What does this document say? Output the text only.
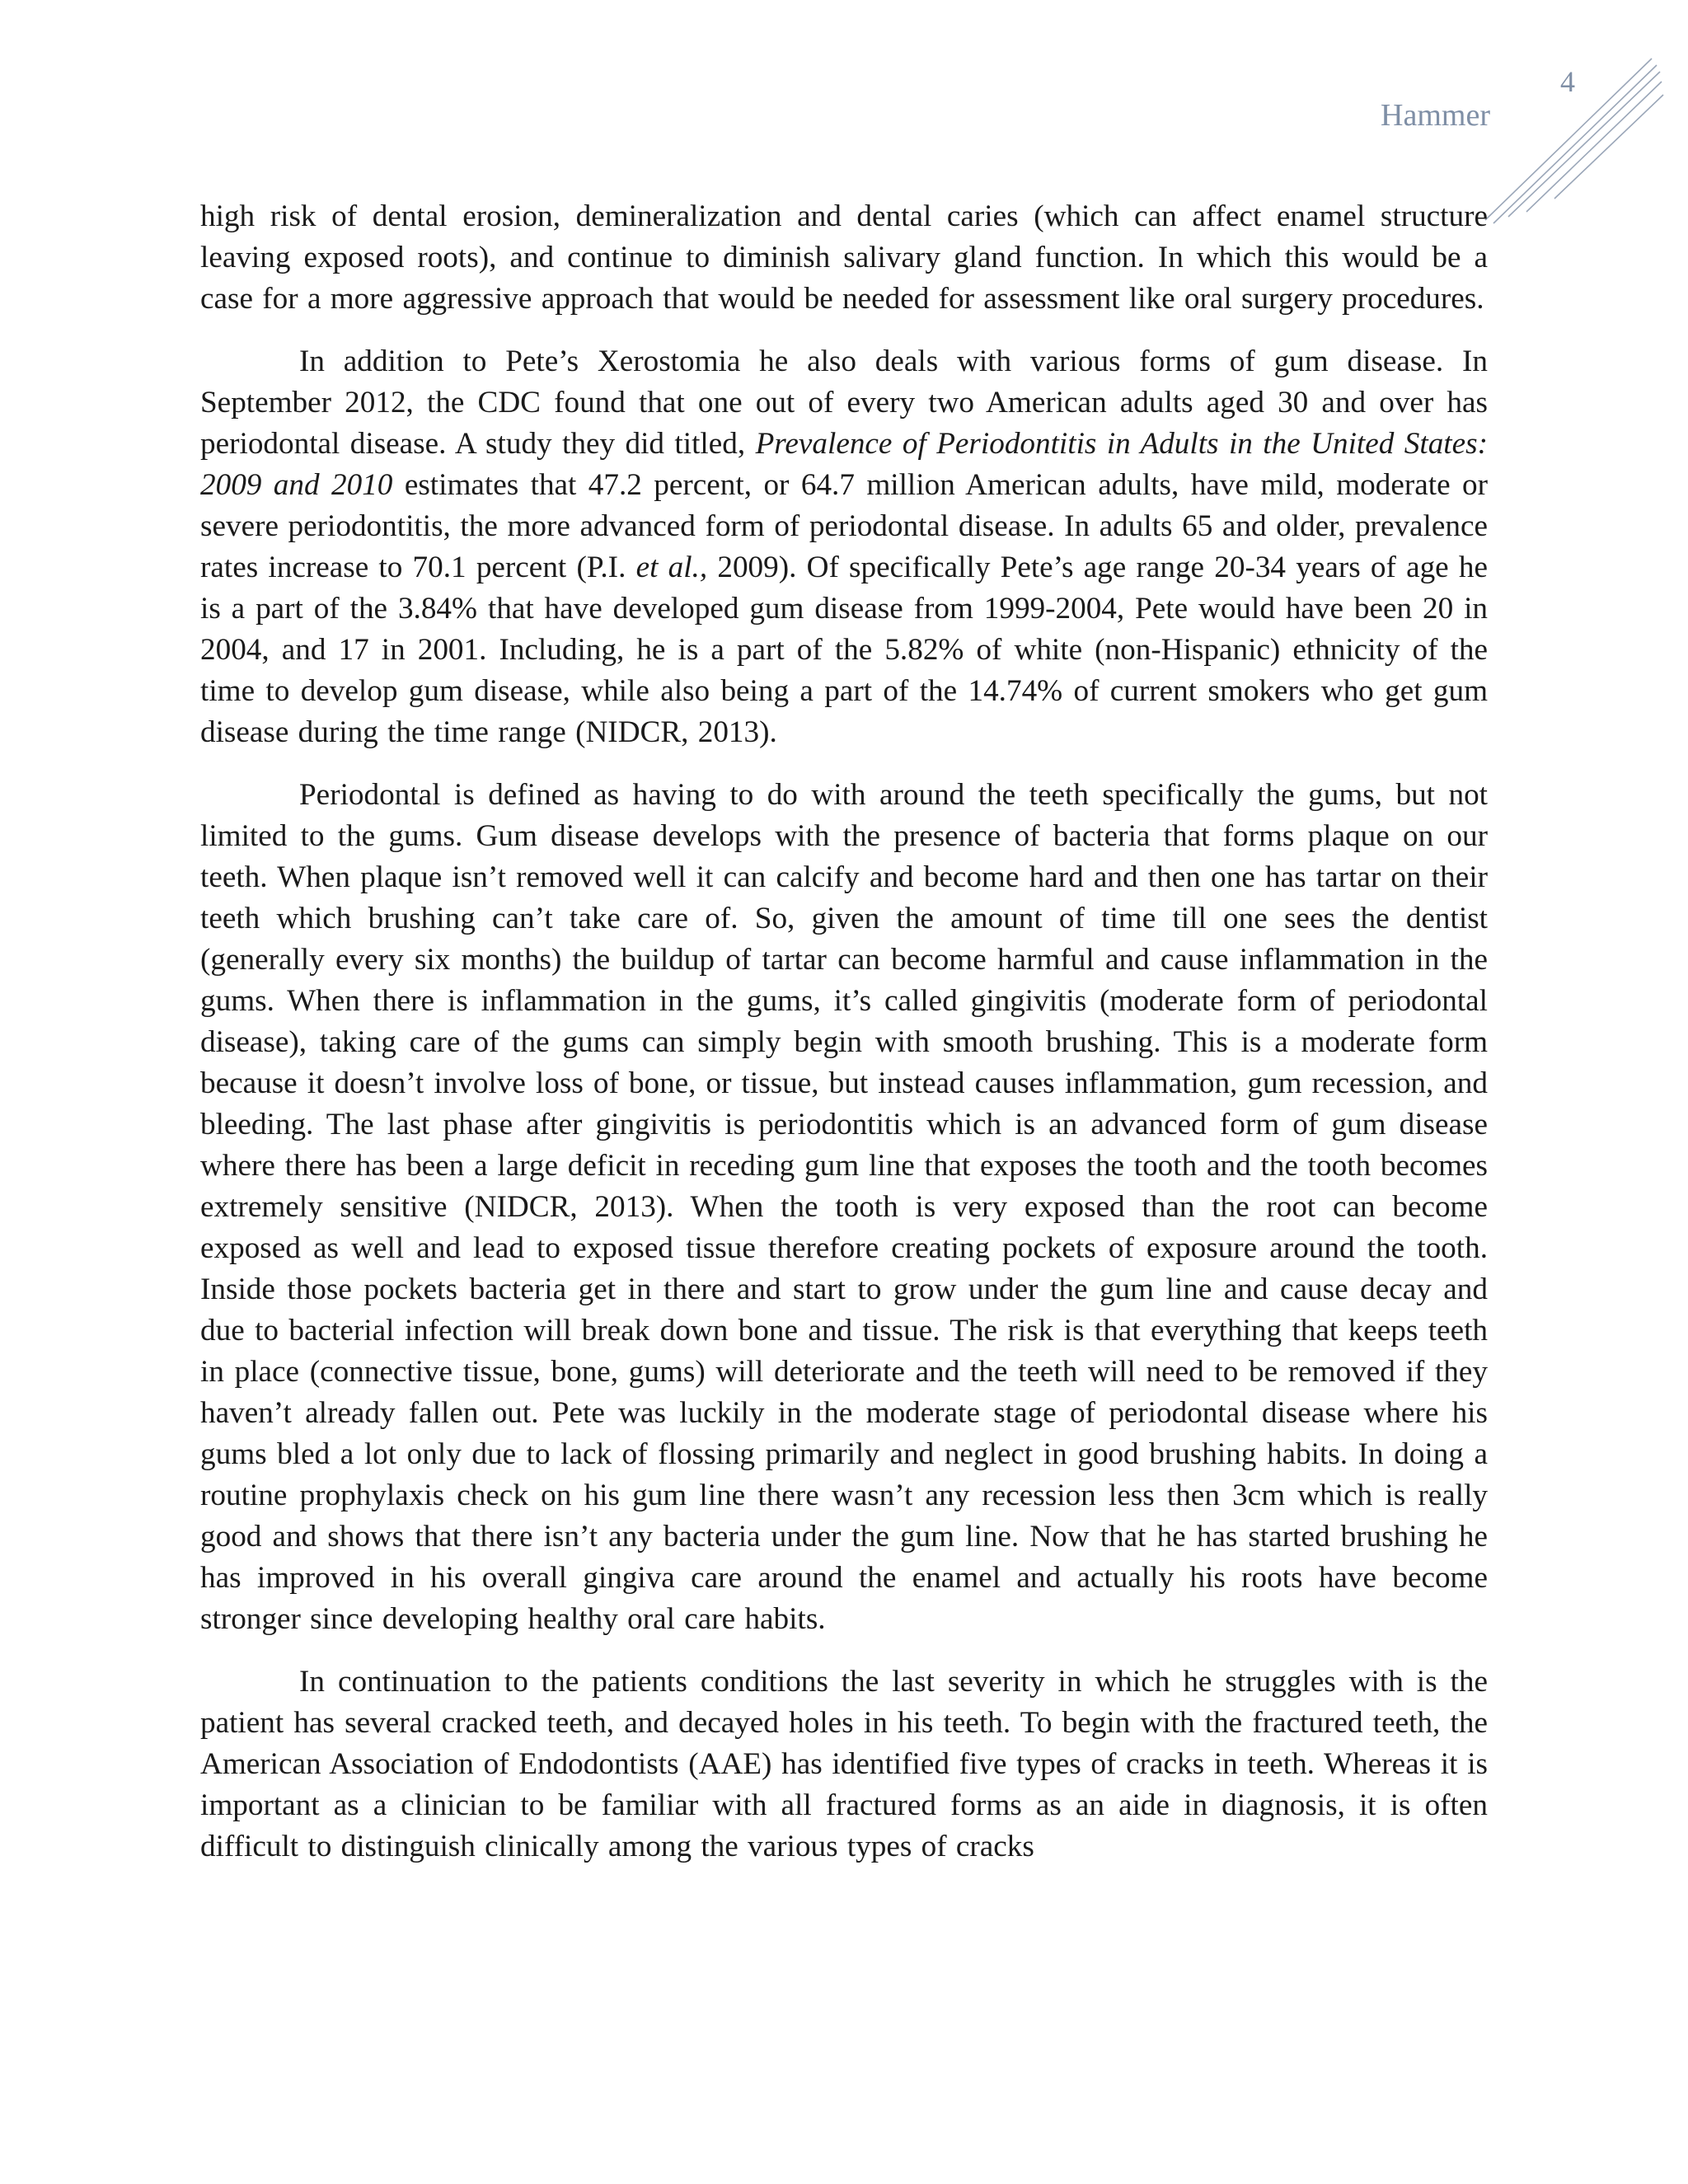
4
Hammer

high risk of dental erosion, demineralization and dental caries (which can affect enamel structure leaving exposed roots), and continue to diminish salivary gland function. In which this would be a case for a more aggressive approach that would be needed for assessment like oral surgery procedures.

In addition to Pete’s Xerostomia he also deals with various forms of gum disease. In September 2012, the CDC found that one out of every two American adults aged 30 and over has periodontal disease. A study they did titled, Prevalence of Periodontitis in Adults in the United States: 2009 and 2010 estimates that 47.2 percent, or 64.7 million American adults, have mild, moderate or severe periodontitis, the more advanced form of periodontal disease. In adults 65 and older, prevalence rates increase to 70.1 percent (P.I. et al., 2009). Of specifically Pete’s age range 20-34 years of age he is a part of the 3.84% that have developed gum disease from 1999-2004, Pete would have been 20 in 2004, and 17 in 2001. Including, he is a part of the 5.82% of white (non-Hispanic) ethnicity of the time to develop gum disease, while also being a part of the 14.74% of current smokers who get gum disease during the time range (NIDCR, 2013).

Periodontal is defined as having to do with around the teeth specifically the gums, but not limited to the gums. Gum disease develops with the presence of bacteria that forms plaque on our teeth. When plaque isn’t removed well it can calcify and become hard and then one has tartar on their teeth which brushing can’t take care of. So, given the amount of time till one sees the dentist (generally every six months) the buildup of tartar can become harmful and cause inflammation in the gums. When there is inflammation in the gums, it’s called gingivitis (moderate form of periodontal disease), taking care of the gums can simply begin with smooth brushing. This is a moderate form because it doesn’t involve loss of bone, or tissue, but instead causes inflammation, gum recession, and bleeding. The last phase after gingivitis is periodontitis which is an advanced form of gum disease where there has been a large deficit in receding gum line that exposes the tooth and the tooth becomes extremely sensitive (NIDCR, 2013). When the tooth is very exposed than the root can become exposed as well and lead to exposed tissue therefore creating pockets of exposure around the tooth. Inside those pockets bacteria get in there and start to grow under the gum line and cause decay and due to bacterial infection will break down bone and tissue. The risk is that everything that keeps teeth in place (connective tissue, bone, gums) will deteriorate and the teeth will need to be removed if they haven’t already fallen out. Pete was luckily in the moderate stage of periodontal disease where his gums bled a lot only due to lack of flossing primarily and neglect in good brushing habits. In doing a routine prophylaxis check on his gum line there wasn’t any recession less then 3cm which is really good and shows that there isn’t any bacteria under the gum line. Now that he has started brushing he has improved in his overall gingiva care around the enamel and actually his roots have become stronger since developing healthy oral care habits.

In continuation to the patients conditions the last severity in which he struggles with is the patient has several cracked teeth, and decayed holes in his teeth. To begin with the fractured teeth, the American Association of Endodontists (AAE) has identified five types of cracks in teeth. Whereas it is important as a clinician to be familiar with all fractured forms as an aide in diagnosis, it is often difficult to distinguish clinically among the various types of cracks
